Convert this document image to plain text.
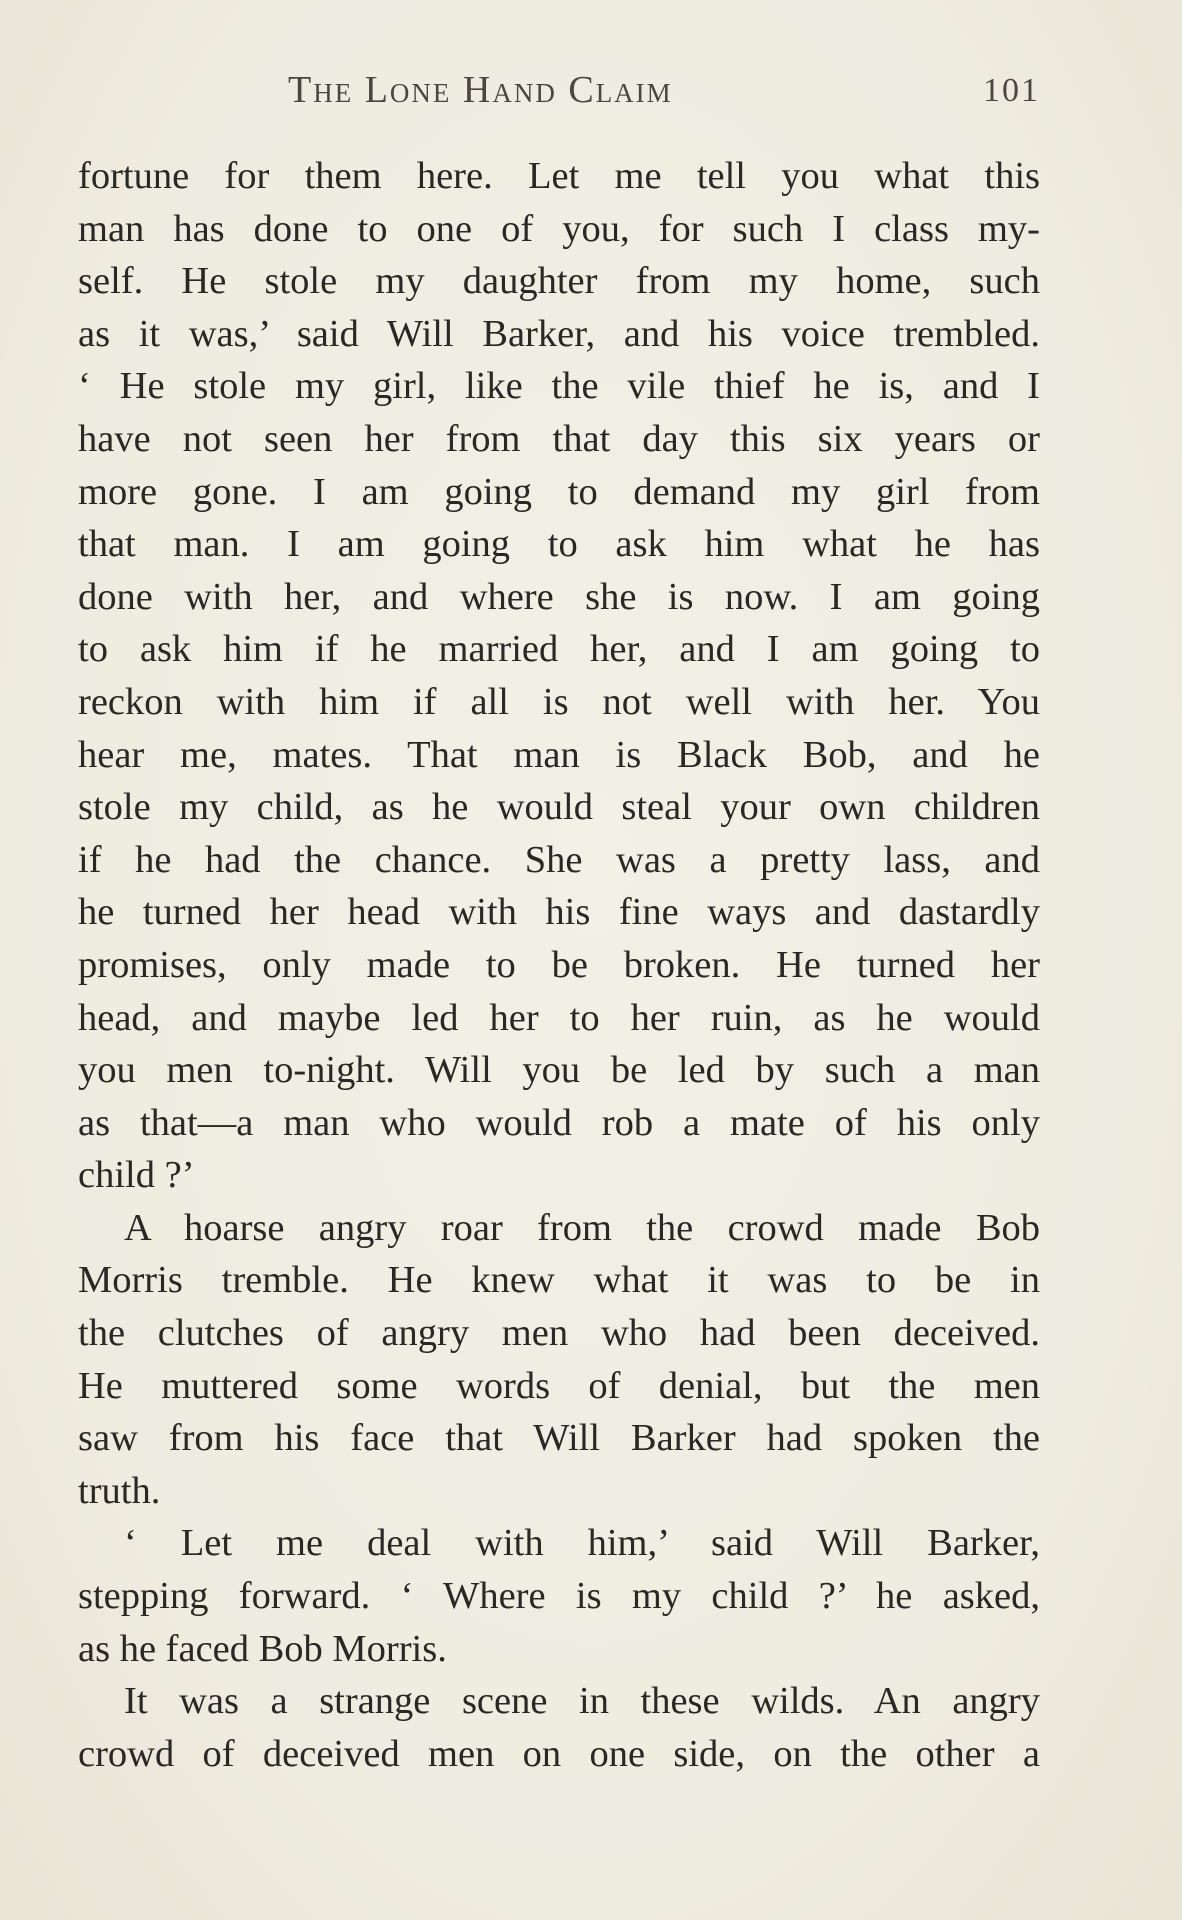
The Lone Hand Claim	101
fortune for them here. Let me tell you what this
man has done to one of you, for such I class my-
self. He stole my daughter from my home, such
as it was,’ said Will Barker, and his voice trembled.
‘ He stole my girl, like the vile thief he is, and I
have not seen her from that day this six years or
more gone. I am going to demand my girl from
that man. I am going to ask him what he has
done with her, and where she is now. I am going
to ask him if he married her, and I am going to
reckon with him if all is not well with her. You
hear me, mates. That man is Black Bob, and he
stole my child, as he would steal your own children
if he had the chance. She was a pretty lass, and
he turned her head with his fine ways and dastardly
promises, only made to be broken. He turned her
head, and maybe led her to her ruin, as he would
you men to-night. Will you be led by such a man
as that—a man who would rob a mate of his only
child ?’
A hoarse angry roar from the crowd made Bob
Morris tremble. He knew what it was to be in
the clutches of angry men who had been deceived.
He muttered some words of denial, but the men
saw from his face that Will Barker had spoken the
truth.
‘ Let me deal with him,’ said Will Barker,
stepping forward. ‘ Where is my child ?’ he asked,
as he faced Bob Morris.
It was a strange scene in these wilds. An angry
crowd of deceived men on one side, on the other a
